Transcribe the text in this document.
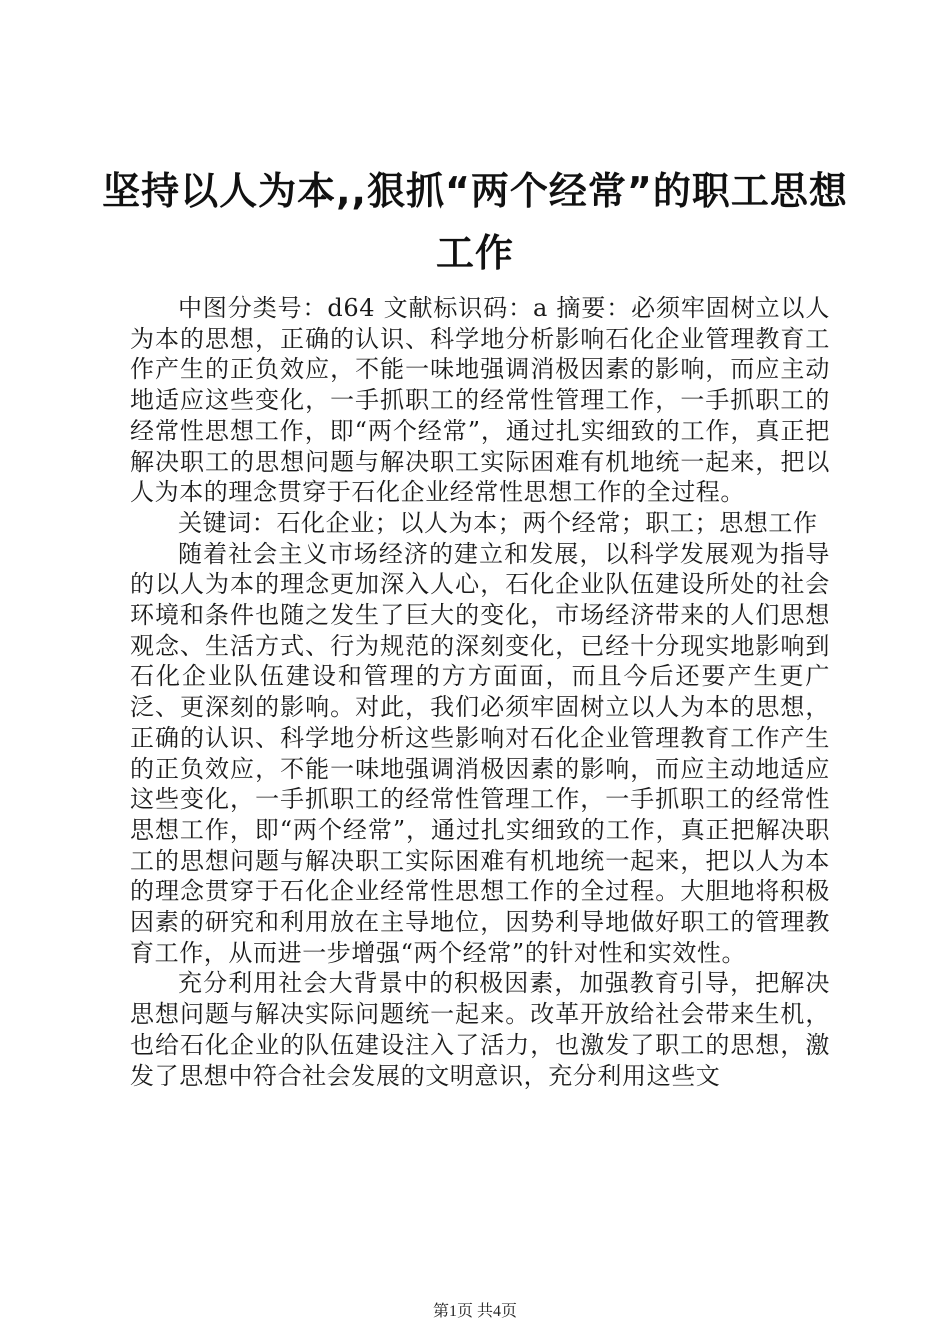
坚持以人为本,,狠抓“两个经常”的职工思想工作

中图分类号：d64 文献标识码：a 摘要：必须牢固树立以人为本的思想，正确的认识、科学地分析影响石化企业管理教育工作产生的正负效应，不能一味地强调消极因素的影响，而应主动地适应这些变化，一手抓职工的经常性管理工作，一手抓职工的经常性思想工作，即“两个经常”，通过扎实细致的工作，真正把解决职工的思想问题与解决职工实际困难有机地统一起来，把以人为本的理念贯穿于石化企业经常性思想工作的全过程。

关键词：石化企业；以人为本；两个经常；职工；思想工作

随着社会主义市场经济的建立和发展，以科学发展观为指导的以人为本的理念更加深入人心，石化企业队伍建设所处的社会环境和条件也随之发生了巨大的变化，市场经济带来的人们思想观念、生活方式、行为规范的深刻变化，已经十分现实地影响到石化企业队伍建设和管理的方方面面，而且今后还要产生更广泛、更深刻的影响。对此，我们必须牢固树立以人为本的思想，正确的认识、科学地分析这些影响对石化企业管理教育工作产生的正负效应，不能一味地强调消极因素的影响，而应主动地适应这些变化，一手抓职工的经常性管理工作，一手抓职工的经常性思想工作，即“两个经常”，通过扎实细致的工作，真正把解决职工的思想问题与解决职工实际困难有机地统一起来，把以人为本的理念贯穿于石化企业经常性思想工作的全过程。大胆地将积极因素的研究和利用放在主导地位，因势利导地做好职工的管理教育工作，从而进一步增强“两个经常”的针对性和实效性。

充分利用社会大背景中的积极因素，加强教育引导，把解决思想问题与解决实际问题统一起来。改革开放给社会带来生机，也给石化企业的队伍建设注入了活力，也激发了职工的思想，激发了思想中符合社会发展的文明意识，充分利用这些文

第1页 共4页
